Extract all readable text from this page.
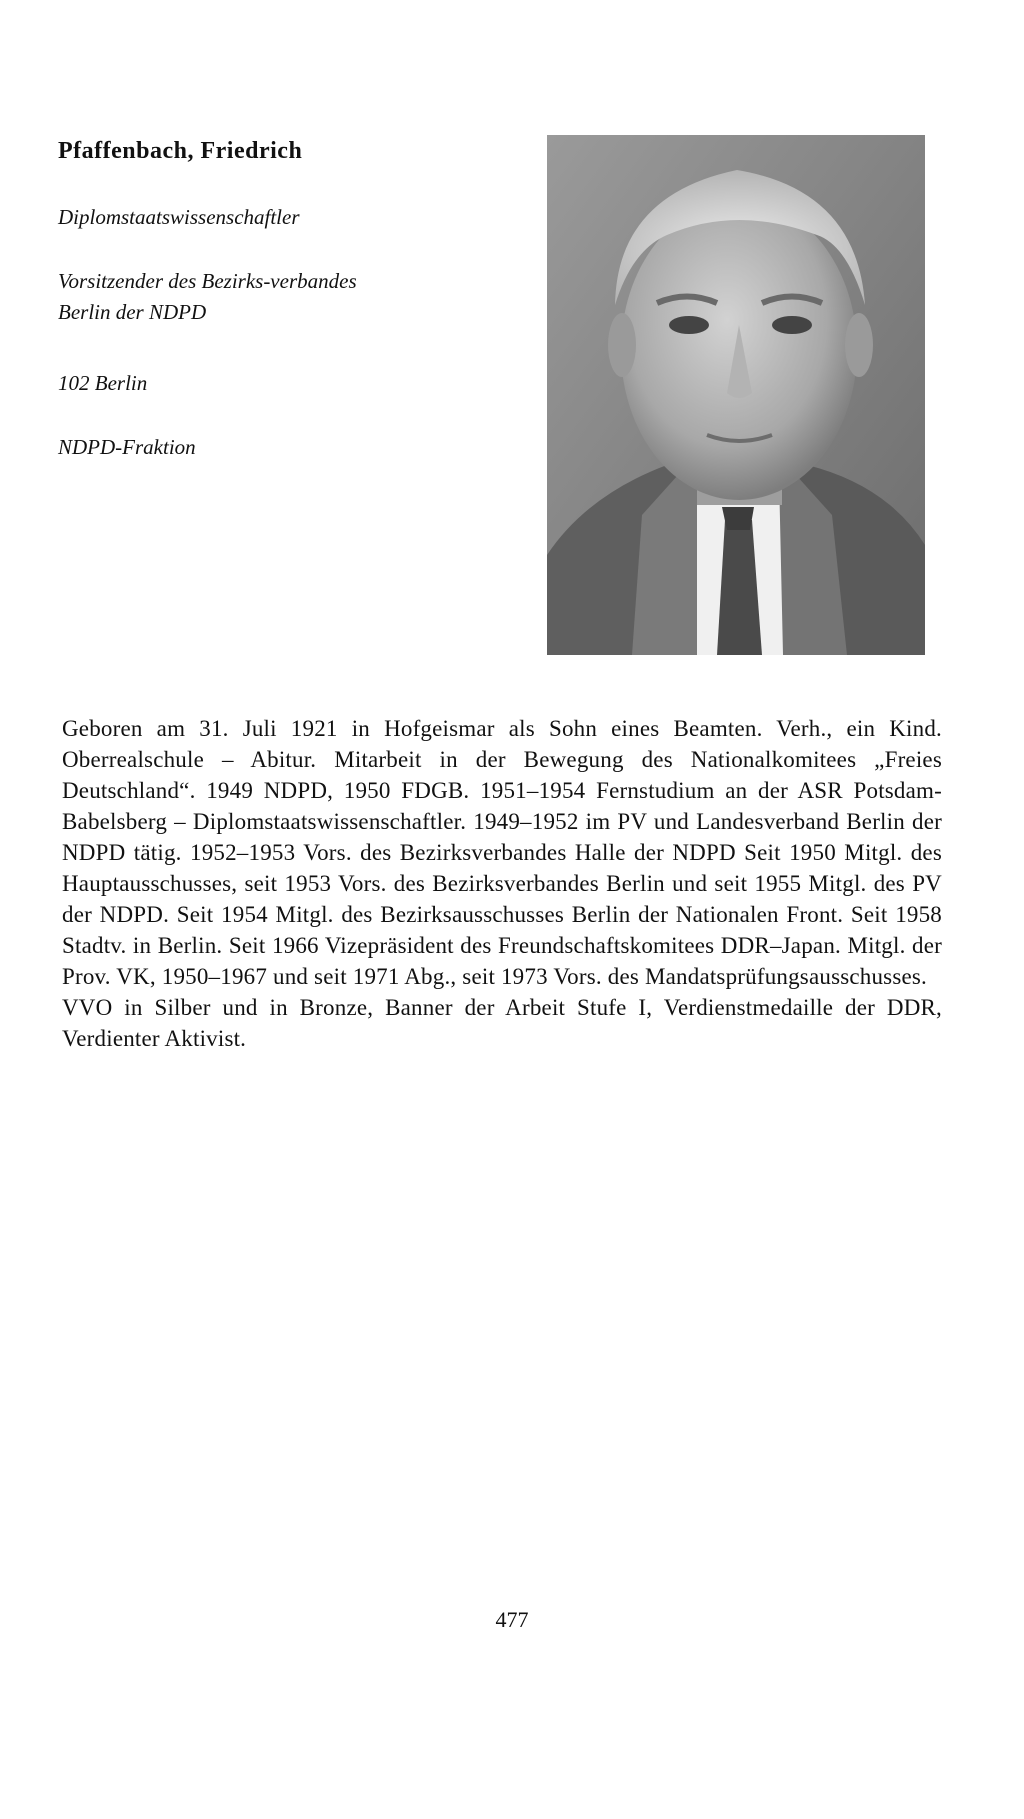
Pfaffenbach, Friedrich

Diplomstaatswissenschaftler

Vorsitzender des Bezirks-verbandes Berlin der NDPD

102 Berlin

NDPD-Fraktion

Geboren am 31. Juli 1921 in Hofgeismar als Sohn eines Beamten. Verh., ein Kind. Oberrealschule – Abitur. Mitarbeit in der Bewegung des Nationalkomitees „Freies Deutschland“. 1949 NDPD, 1950 FDGB. 1951–1954 Fernstudium an der ASR Potsdam-Babelsberg – Diplomstaatswissenschaftler. 1949–1952 im PV und Landesverband Berlin der NDPD tätig. 1952–1953 Vors. des Bezirksverbandes Halle der NDPD Seit 1950 Mitgl. des Hauptausschusses, seit 1953 Vors. des Bezirksverbandes Berlin und seit 1955 Mitgl. des PV der NDPD. Seit 1954 Mitgl. des Bezirksausschusses Berlin der Nationalen Front. Seit 1958 Stadtv. in Berlin. Seit 1966 Vizepräsident des Freundschaftskomitees DDR–Japan. Mitgl. der Prov. VK, 1950–1967 und seit 1971 Abg., seit 1973 Vors. des Mandatsprüfungsausschusses.

VVO in Silber und in Bronze, Banner der Arbeit Stufe I, Verdienstmedaille der DDR, Verdienter Aktivist.

477
